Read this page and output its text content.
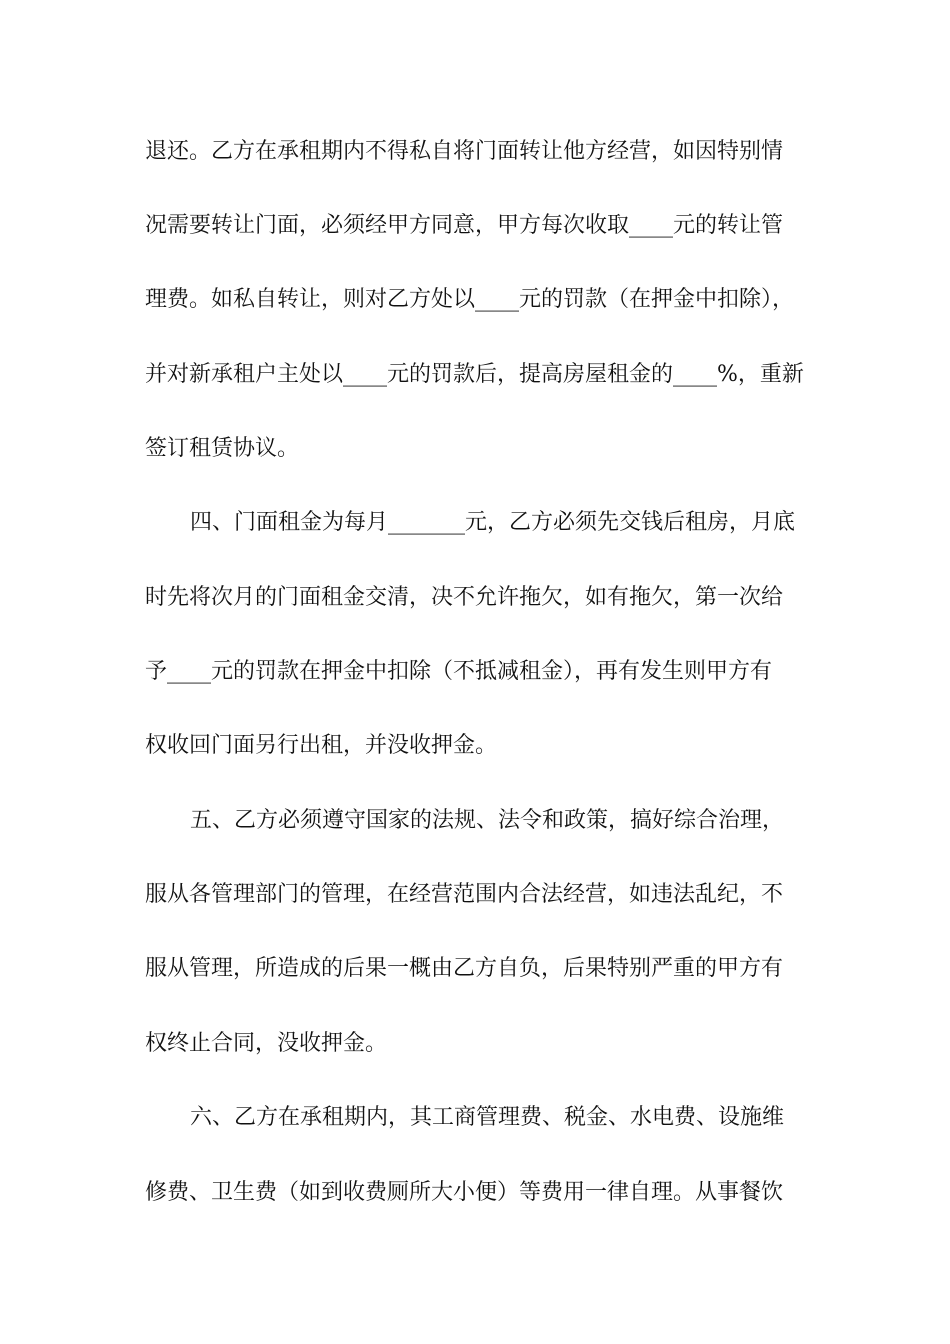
退还。乙方在承租期内不得私自将门面转让他方经营，如因特别情
况需要转让门面，必须经甲方同意，甲方每次收取____元的转让管
理费。如私自转让，则对乙方处以____元的罚款（在押金中扣除），
并对新承租户主处以____元的罚款后，提高房屋租金的____%，重新
签订租赁协议。
四、门面租金为每月_______元，乙方必须先交钱后租房，月底
时先将次月的门面租金交清，决不允许拖欠，如有拖欠，第一次给
予____元的罚款在押金中扣除（不抵减租金），再有发生则甲方有
权收回门面另行出租，并没收押金。
五、乙方必须遵守国家的法规、法令和政策，搞好综合治理，
服从各管理部门的管理，在经营范围内合法经营，如违法乱纪，不
服从管理，所造成的后果一概由乙方自负，后果特别严重的甲方有
权终止合同，没收押金。
六、乙方在承租期内，其工商管理费、税金、水电费、设施维
修费、卫生费（如到收费厕所大小便）等费用一律自理。从事餐饮
